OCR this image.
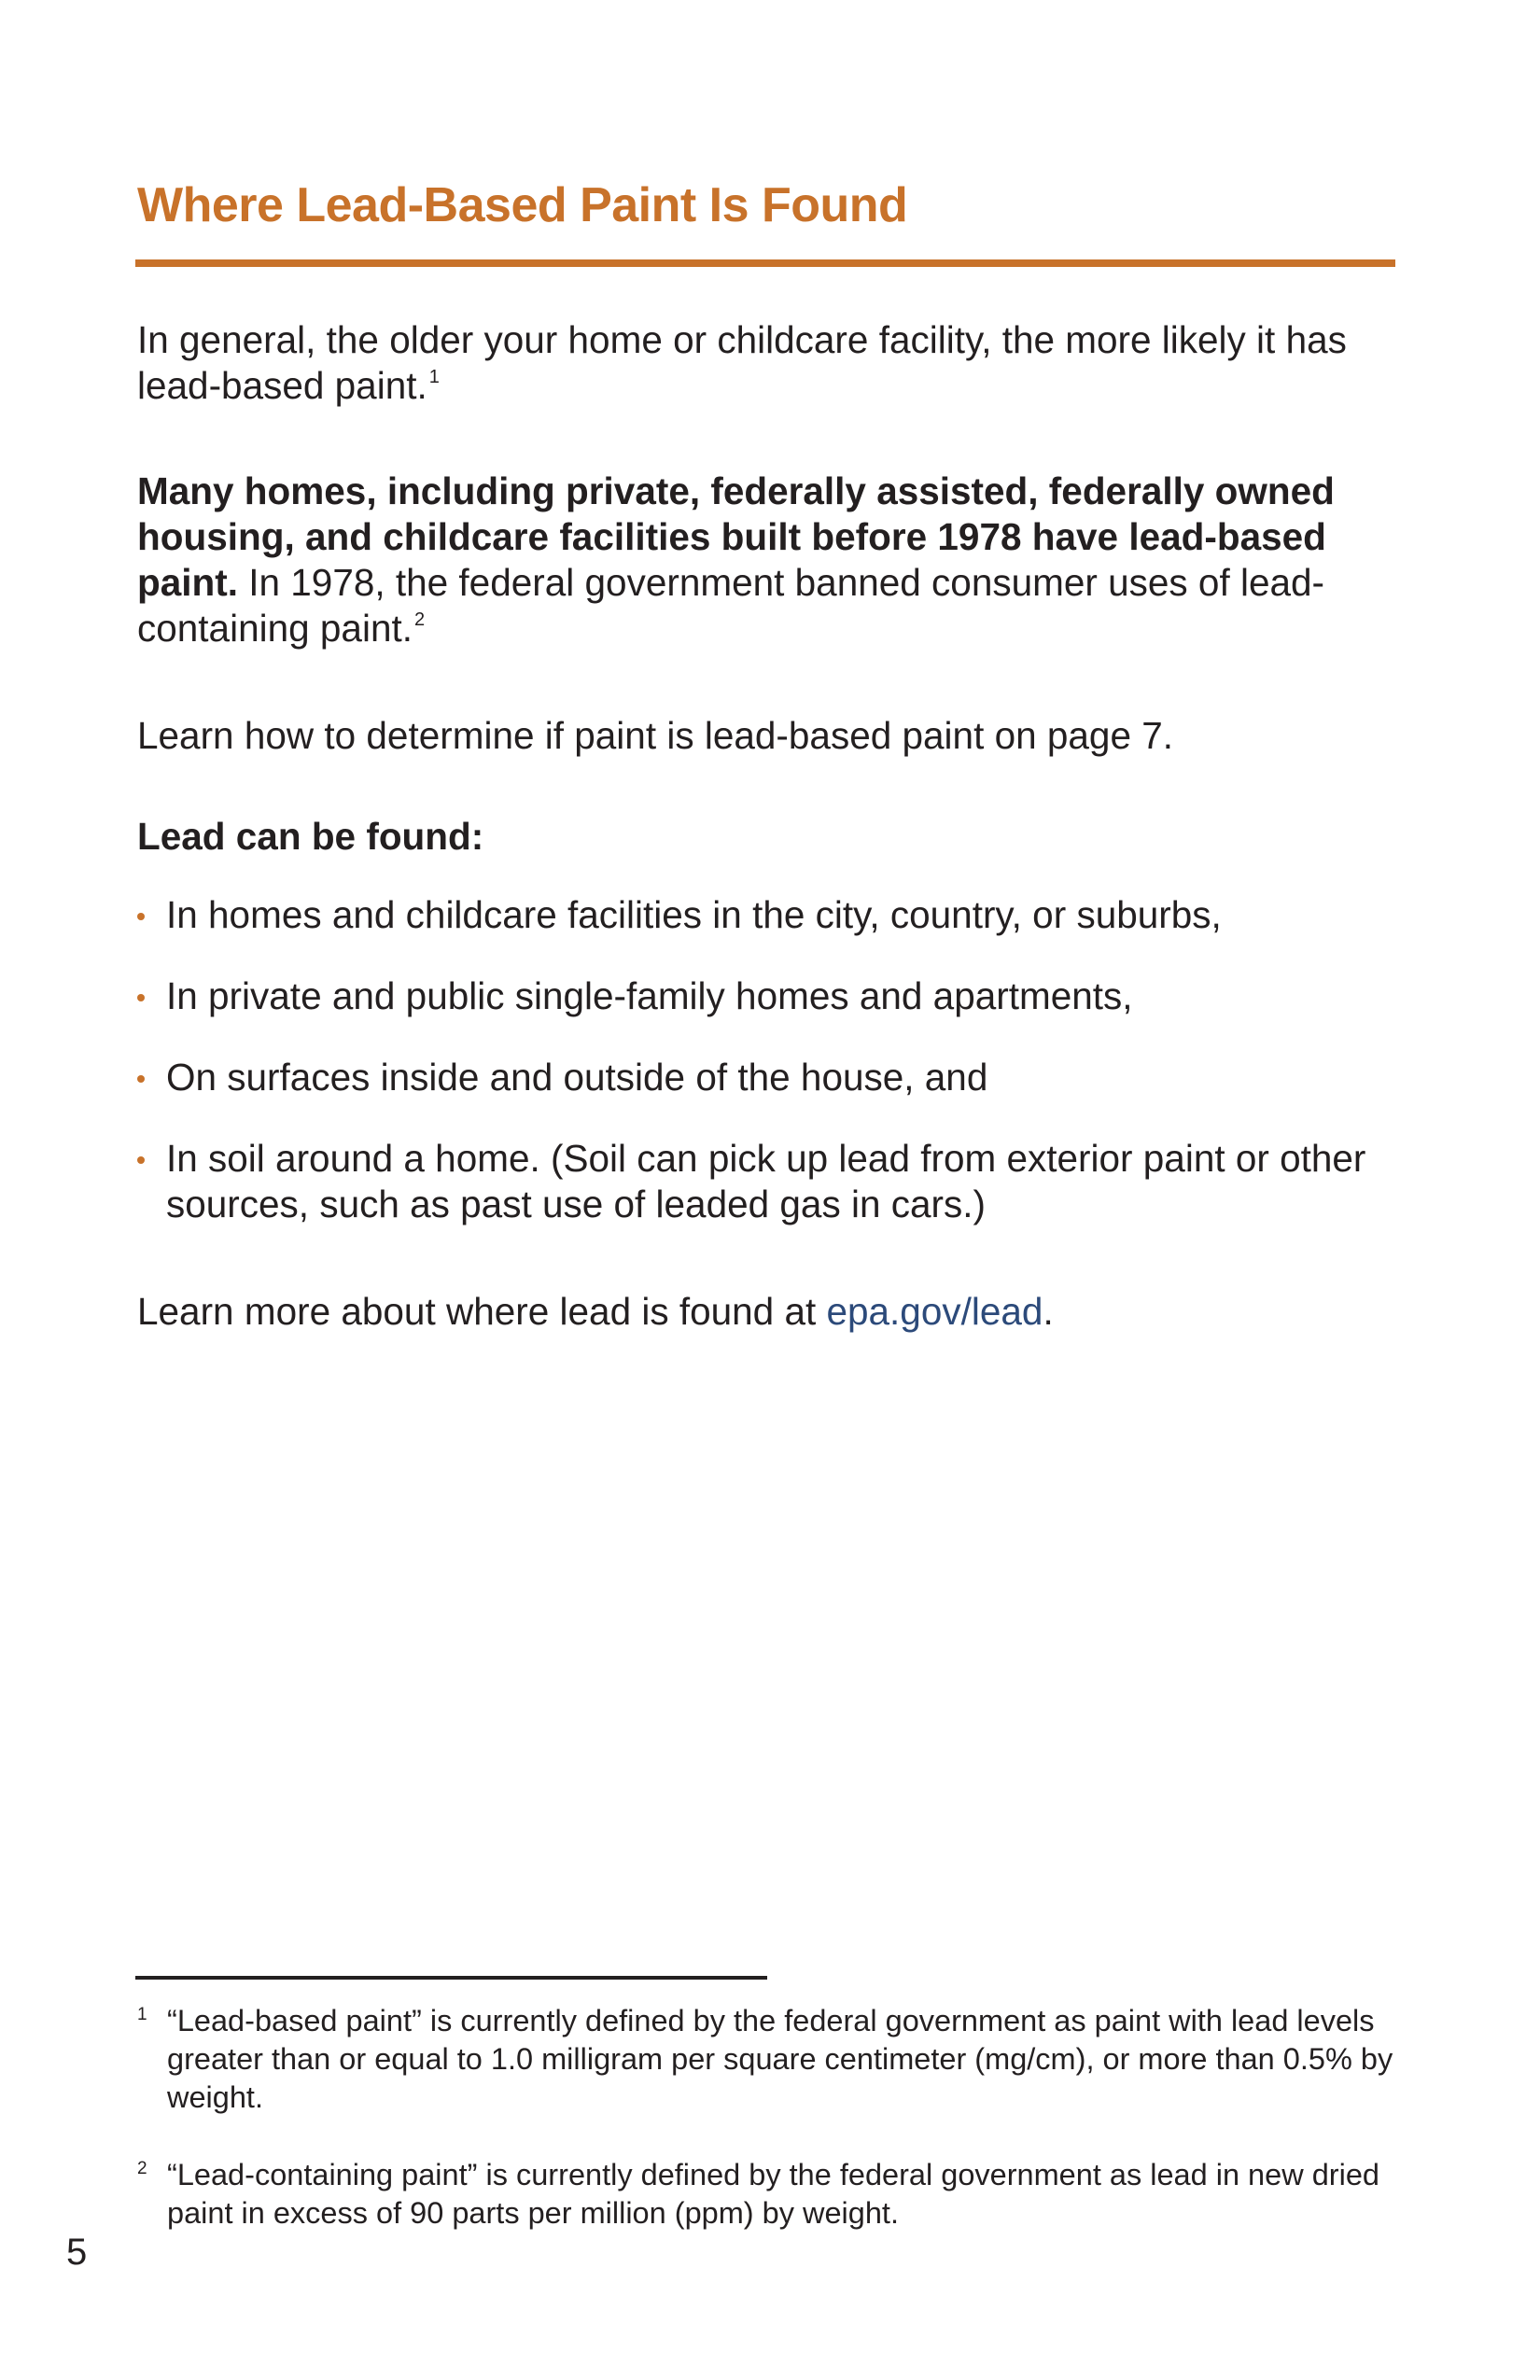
Where Lead-Based Paint Is Found

In general, the older your home or childcare facility, the more likely it has lead-based paint. $^1$

Many homes, including private, federally assisted, federally owned housing, and childcare facilities built before 1978 have lead-based paint. In 1978, the federal government banned consumer uses of lead-containing paint. $^2$

Learn how to determine if paint is lead-based paint on page 7.

Lead can be found:

In homes and childcare facilities in the city, country, or suburbs,
In private and public single-family homes and apartments,
On surfaces inside and outside of the house, and
In soil around a home. (Soil can pick up lead from exterior paint or other sources, such as past use of leaded gas in cars.)

Learn more about where lead is found at epa.gov/lead.

1 “Lead-based paint” is currently defined by the federal government as paint with lead levels greater than or equal to 1.0 milligram per square centimeter (mg/cm), or more than 0.5% by weight.
2 “Lead-containing paint” is currently defined by the federal government as lead in new dried paint in excess of 90 parts per million (ppm) by weight.
5
